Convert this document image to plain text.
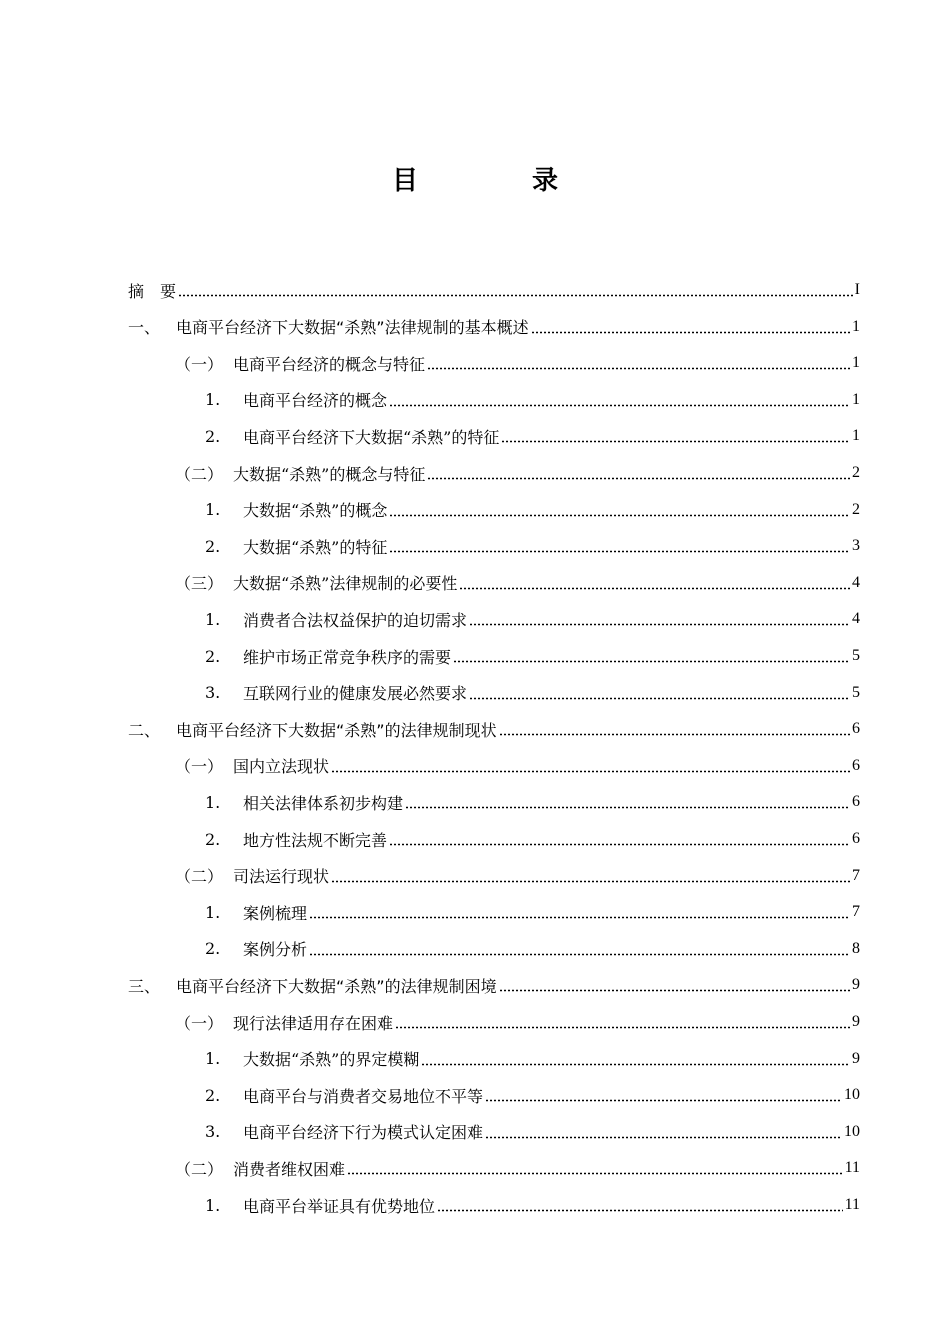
目　录
摘　要	I
一、 电商平台经济下大数据“杀熟”法律规制的基本概述	1
（一） 电商平台经济的概念与特征	1
1.	电商平台经济的概念	1
2.	电商平台经济下大数据“杀熟”的特征	1
（二） 大数据“杀熟”的概念与特征	2
1.	大数据“杀熟”的概念	2
2.	大数据“杀熟”的特征	3
（三） 大数据“杀熟”法律规制的必要性	4
1.	消费者合法权益保护的迫切需求	4
2.	维护市场正常竞争秩序的需要	5
3.	互联网行业的健康发展必然要求	5
二、 电商平台经济下大数据“杀熟”的法律规制现状	6
（一） 国内立法现状	6
1.	相关法律体系初步构建	6
2.	地方性法规不断完善	6
（二） 司法运行现状	7
1.	案例梳理	7
2.	案例分析	8
三、 电商平台经济下大数据“杀熟”的法律规制困境	9
（一） 现行法律适用存在困难	9
1.	大数据“杀熟”的界定模糊	9
2.	电商平台与消费者交易地位不平等	10
3.	电商平台经济下行为模式认定困难	10
（二） 消费者维权困难	11
1.	电商平台举证具有优势地位	11
